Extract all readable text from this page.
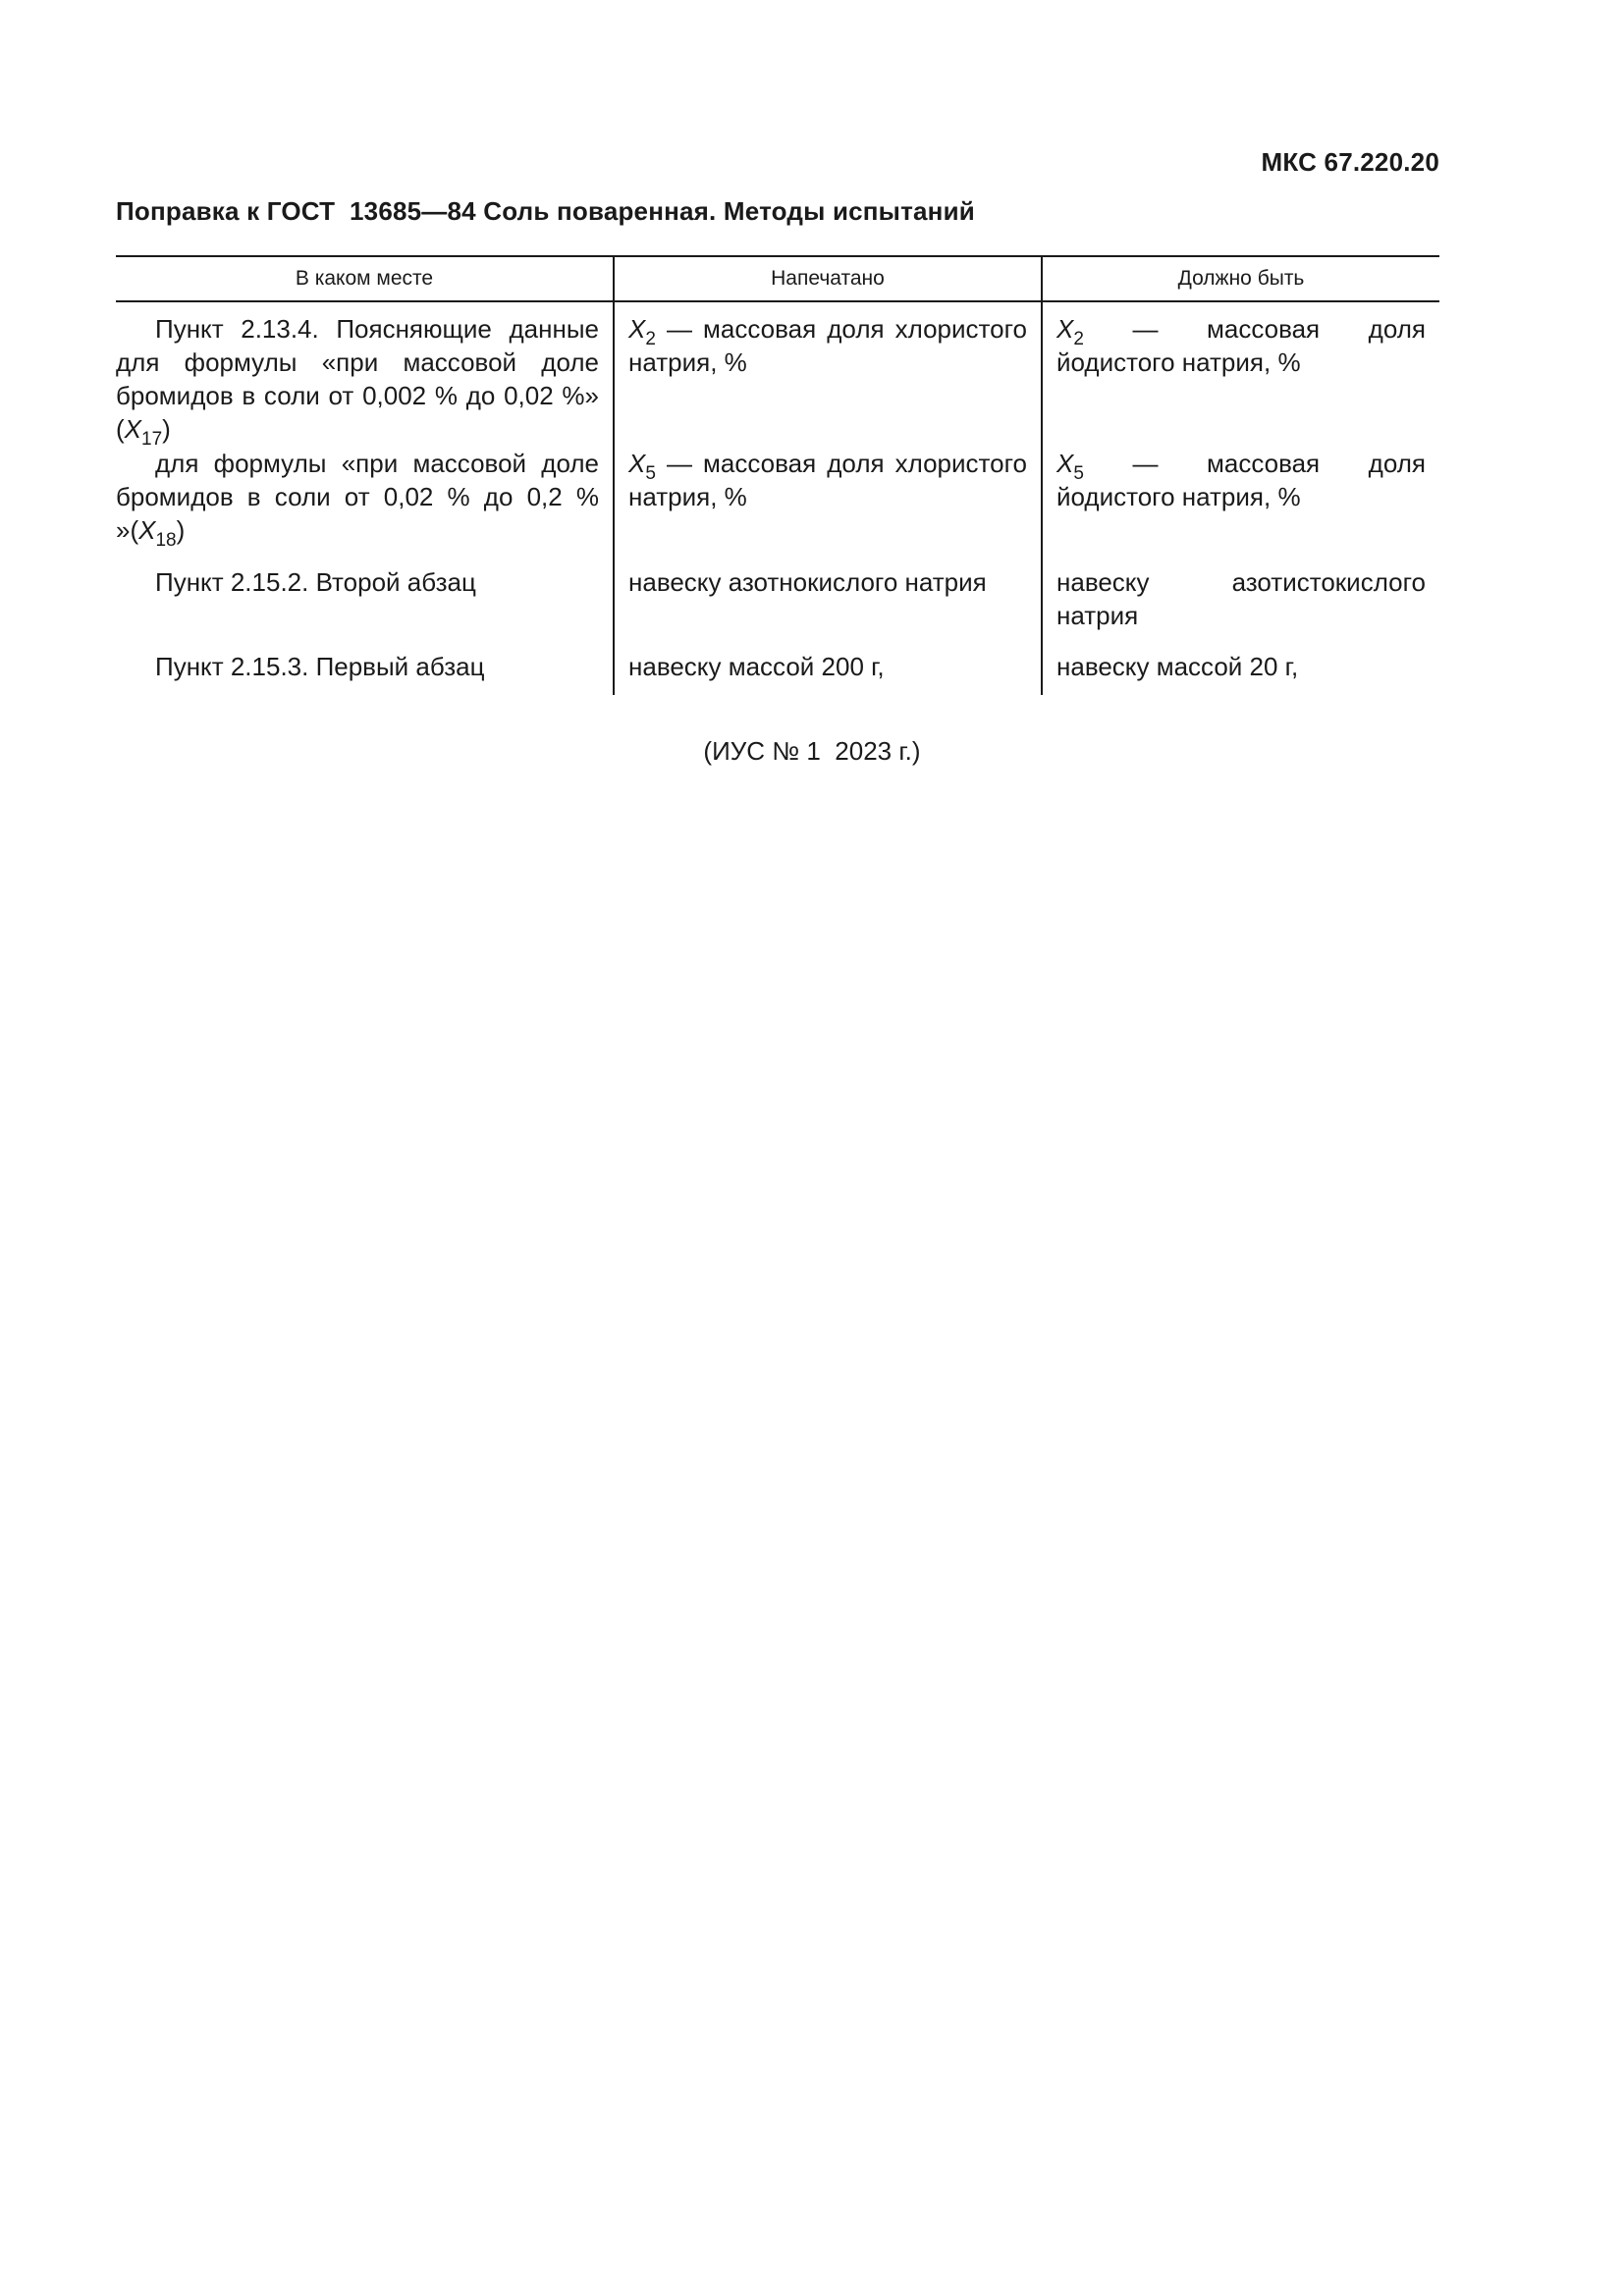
МКС 67.220.20
Поправка к ГОСТ  13685—84 Соль поваренная. Методы испытаний
В каком месте	Напечатано	Должно быть
Пункт 2.13.4. Поясняющие данные для формулы «при массовой доле бромидов в соли от 0,002 % до 0,02 %» $(X_{17})$	$X_2$ — массовая доля хлористого натрия, %	$X_2$ — массовая доля йодистого натрия, %
для формулы «при массовой доле бромидов в соли от 0,02 % до 0,2 % $»(X_{18})$	$X_5$ — массовая доля хлористого натрия, %	$X_5$ — массовая доля йодистого натрия, %
Пункт 2.15.2. Второй абзац	навеску азотнокислого натрия	навеску азотистокислого натрия
Пункт 2.15.3. Первый абзац	навеску массой 200 г,	навеску массой 20 г,
(ИУС № 1  2023 г.)
